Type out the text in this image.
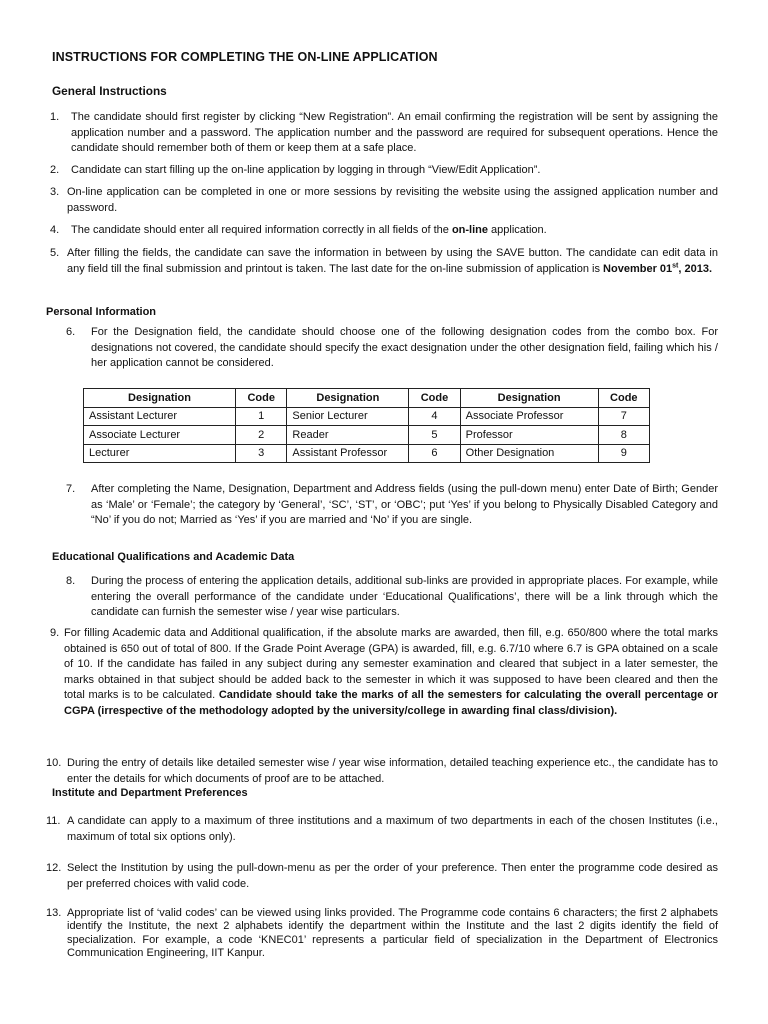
INSTRUCTIONS FOR COMPLETING THE ON-LINE APPLICATION
General Instructions
1. The candidate should first register by clicking “New Registration”. An email confirming the registration will be sent by assigning the application number and a password. The application number and the password are required for subsequent operations. Hence the candidate should remember both of them or keep them at a safe place.
2. Candidate can start filling up the on-line application by logging in through “View/Edit Application”.
3. On-line application can be completed in one or more sessions by revisiting the website using the assigned application number and password.
4. The candidate should enter all required information correctly in all fields of the on-line application.
5. After filling the fields, the candidate can save the information in between by using the SAVE button. The candidate can edit data in any field till the final submission and printout is taken. The last date for the on-line submission of application is November 01st, 2013.
Personal Information
6. For the Designation field, the candidate should choose one of the following designation codes from the combo box. For designations not covered, the candidate should specify the exact designation under the other designation field, failing which his / her application cannot be considered.
Designation	Code	Designation	Code	Designation	Code
Assistant Lecturer	1	Senior Lecturer	4	Associate Professor	7
Associate Lecturer	2	Reader	5	Professor	8
Lecturer	3	Assistant Professor	6	Other Designation	9
7. After completing the Name, Designation, Department and Address fields (using the pull-down menu) enter Date of Birth; Gender as ‘Male’ or ‘Female’; the category by ‘General’, ‘SC’, ‘ST’, or ‘OBC’; put ‘Yes’ if you belong to Physically Disabled Category and “No’ if you do not; Married as ‘Yes’ if you are married and ‘No’ if you are single.
Educational Qualifications and Academic Data
8. During the process of entering the application details, additional sub-links are provided in appropriate places. For example, while entering the overall performance of the candidate under ‘Educational Qualifications’, there will be a link through which the candidate can furnish the semester wise / year wise particulars.
9. For filling Academic data and Additional qualification, if the absolute marks are awarded, then fill, e.g. 650/800 where the total marks obtained is 650 out of total of 800. If the Grade Point Average (GPA) is awarded, fill, e.g. 6.7/10 where 6.7 is GPA obtained on a scale of 10. If the candidate has failed in any subject during any semester examination and cleared that subject in a later semester, the marks obtained in that subject should be added back to the semester in which it was supposed to have been cleared and then the total marks is to be calculated. Candidate should take the marks of all the semesters for calculating the overall percentage or CGPA (irrespective of the methodology adopted by the university/college in awarding final class/division).
10. During the entry of details like detailed semester wise / year wise information, detailed teaching experience etc., the candidate has to enter the details for which documents of proof are to be attached.
Institute and Department Preferences
11. A candidate can apply to a maximum of three institutions and a maximum of two departments in each of the chosen Institutes (i.e., maximum of total six options only).
12. Select the Institution by using the pull-down-menu as per the order of your preference. Then enter the programme code desired as per preferred choices with valid code.
13. Appropriate list of ‘valid codes’ can be viewed using links provided. The Programme code contains 6 characters; the first 2 alphabets identify the Institute, the next 2 alphabets identify the department within the Institute and the last 2 digits identify the field of specialization. For example, a code ‘KNEC01’ represents a particular field of specialization in the Department of Electronics Communication Engineering, IIT Kanpur.
